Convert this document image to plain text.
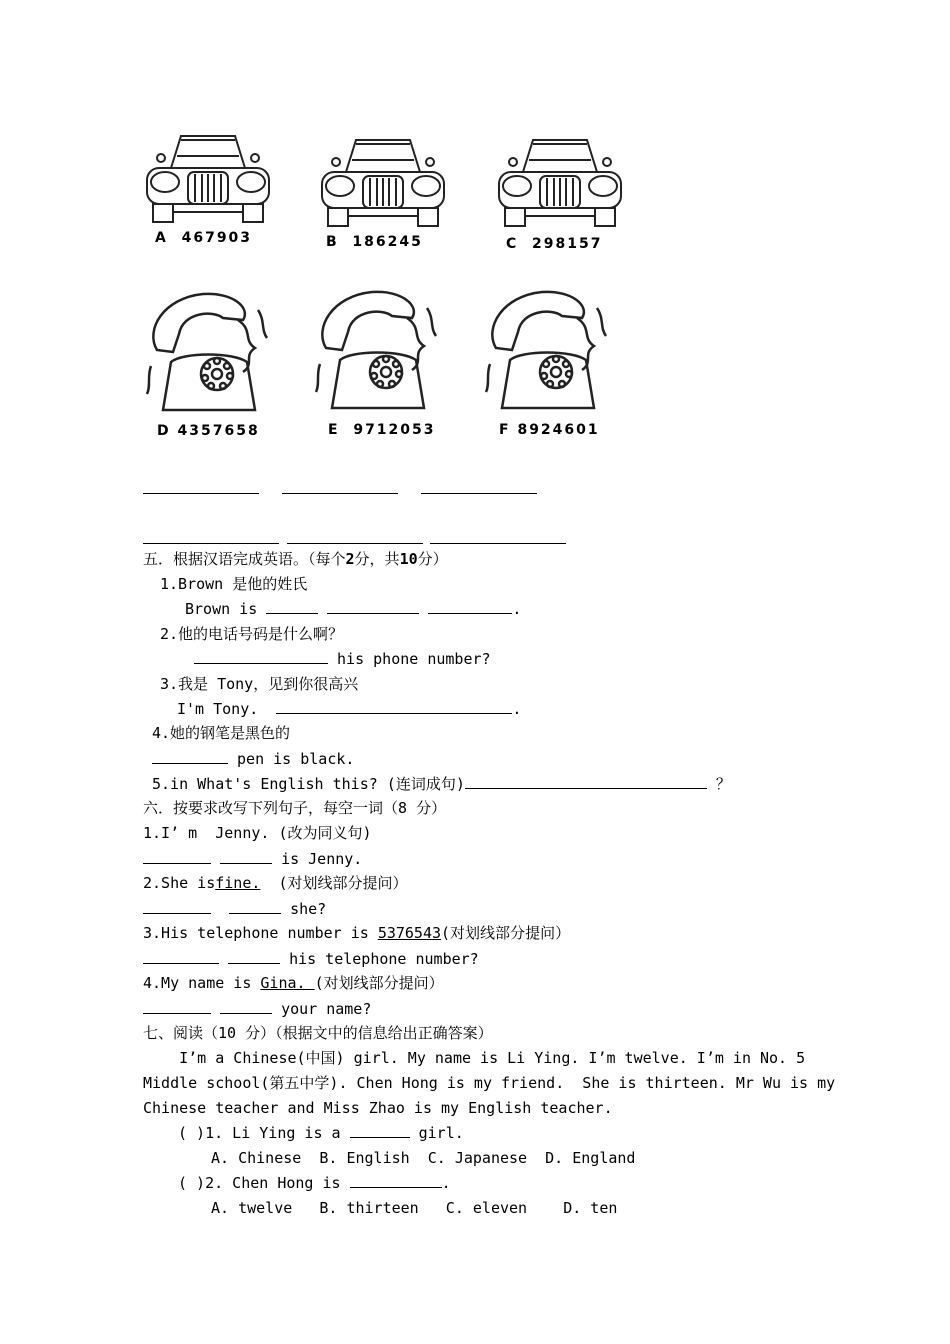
A 467903	B 186245	C 298157
D 4357658	E 9712053	F 8924601
五．根据汉语完成英语。（每个2分，共10分）
1.Brown 是他的姓氏
Brown is	.
2.他的电话号码是什么啊？
his phone number?
3.我是 Tony，见到你很高兴
I'm Tony.	.
4.她的钢笔是黑色的
pen is black.
5.in What's English this? (连词成句)	？
六．按要求改写下列句子，每空一词（8 分）
1.I’ m  Jenny. (改为同义句)
is Jenny.
2.She isfine.  (对划线部分提问）
she?
3.His telephone number is 5376543(对划线部分提问）
his telephone number?
4.My name is Gina. (对划线部分提问）
your name?
七、阅读（10 分）（根据文中的信息给出正确答案）
I’m a Chinese(中国) girl. My name is Li Ying. I’m twelve. I’m in No. 5
Middle school(第五中学). Chen Hong is my friend.  She is thirteen. Mr Wu is my
Chinese teacher and Miss Zhao is my English teacher.
( )1. Li Ying is a	girl.
A. Chinese  B. English  C. Japanese  D. England
( )2. Chen Hong is	.
A. twelve   B. thirteen   C. eleven    D. ten
